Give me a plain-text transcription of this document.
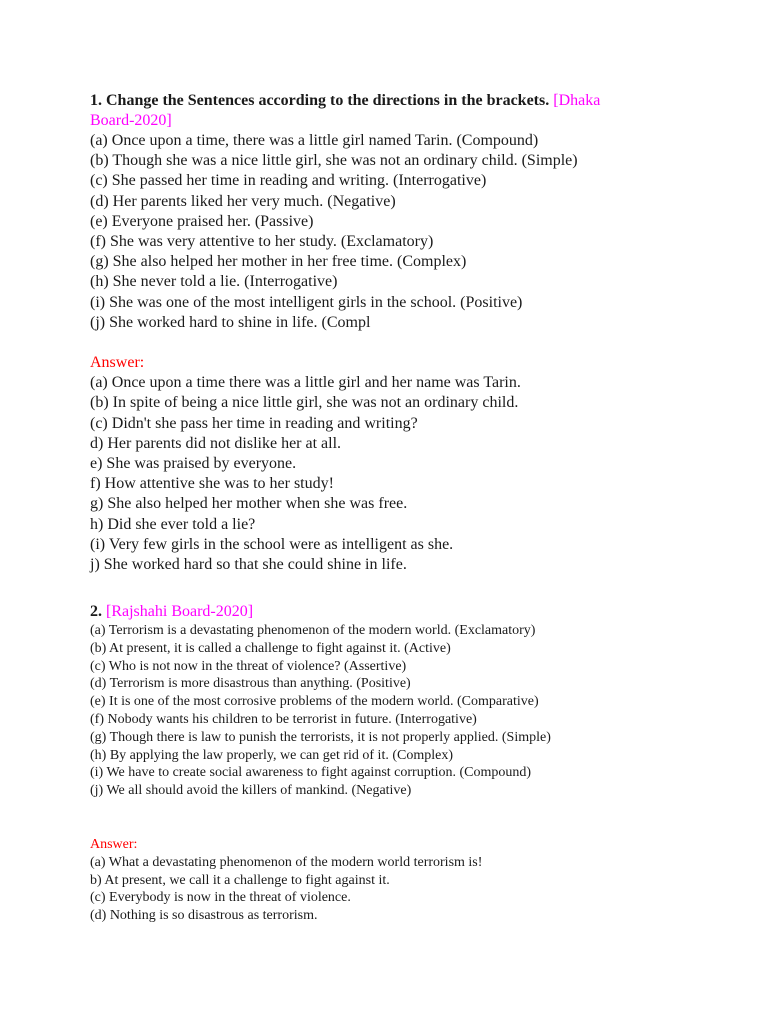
1. Change the Sentences according to the directions in the brackets. [Dhaka
Board-2020]
(a) Once upon a time, there was a little girl named Tarin. (Compound)
(b) Though she was a nice little girl, she was not an ordinary child. (Simple)
(c) She passed her time in reading and writing. (Interrogative)
(d) Her parents liked her very much. (Negative)
(e) Everyone praised her. (Passive)
(f) She was very attentive to her study. (Exclamatory)
(g) She also helped her mother in her free time. (Complex)
(h) She never told a lie. (Interrogative)
(i) She was one of the most intelligent girls in the school. (Positive)
(j) She worked hard to shine in life. (Compl
Answer:
(a) Once upon a time there was a little girl and her name was Tarin.
(b) In spite of being a nice little girl, she was not an ordinary child.
(c) Didn't she pass her time in reading and writing?
d) Her parents did not dislike her at all.
e) She was praised by everyone.
f) How attentive she was to her study!
g) She also helped her mother when she was free.
h) Did she ever told a lie?
(i) Very few girls in the school were as intelligent as she.
j) She worked hard so that she could shine in life.
2. [Rajshahi Board-2020]
(a) Terrorism is a devastating phenomenon of the modern world. (Exclamatory)
(b) At present, it is called a challenge to fight against it. (Active)
(c) Who is not now in the threat of violence? (Assertive)
(d) Terrorism is more disastrous than anything. (Positive)
(e) It is one of the most corrosive problems of the modern world. (Comparative)
(f) Nobody wants his children to be terrorist in future. (Interrogative)
(g) Though there is law to punish the terrorists, it is not properly applied. (Simple)
(h) By applying the law properly, we can get rid of it. (Complex)
(i) We have to create social awareness to fight against corruption. (Compound)
(j) We all should avoid the killers of mankind. (Negative)
Answer:
(a) What a devastating phenomenon of the modern world terrorism is!
b) At present, we call it a challenge to fight against it.
(c) Everybody is now in the threat of violence.
(d) Nothing is so disastrous as terrorism.
